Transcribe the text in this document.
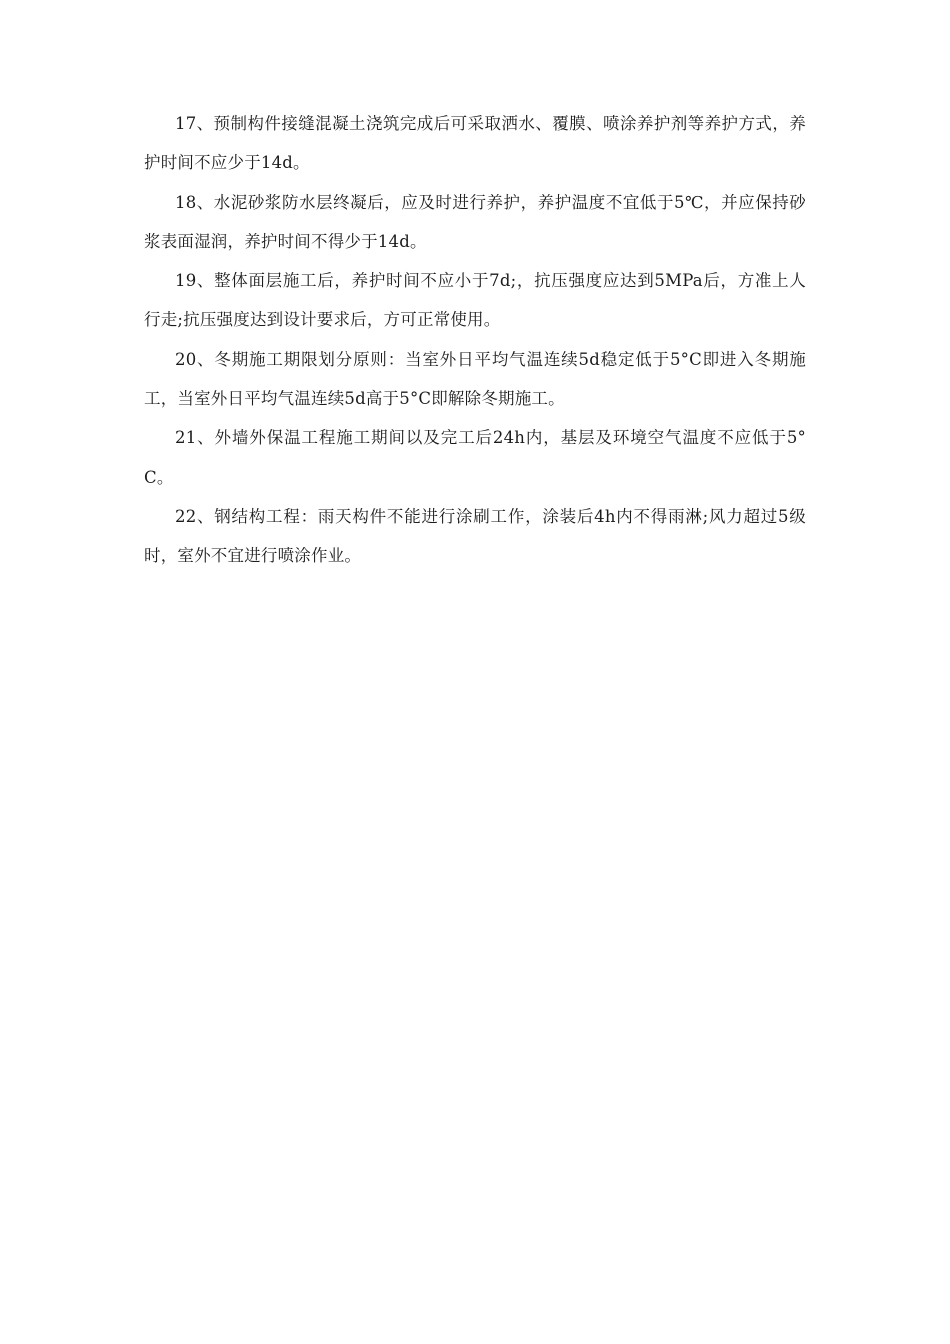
17、预制构件接缝混凝土浇筑完成后可采取洒水、覆膜、喷涂养护剂等养护方式，养护时间不应少于14d。

18、水泥砂浆防水层终凝后，应及时进行养护，养护温度不宜低于5℃，并应保持砂浆表面湿润，养护时间不得少于14d。

19、整体面层施工后，养护时间不应小于7d;，抗压强度应达到5MPa后，方准上人行走;抗压强度达到设计要求后，方可正常使用。

20、冬期施工期限划分原则：当室外日平均气温连续5d稳定低于5°C即进入冬期施工，当室外日平均气温连续5d高于5°C即解除冬期施工。

21、外墙外保温工程施工期间以及完工后24h内，基层及环境空气温度不应低于5°C。

22、钢结构工程：雨天构件不能进行涂刷工作，涂装后4h内不得雨淋;风力超过5级时，室外不宜进行喷涂作业。
